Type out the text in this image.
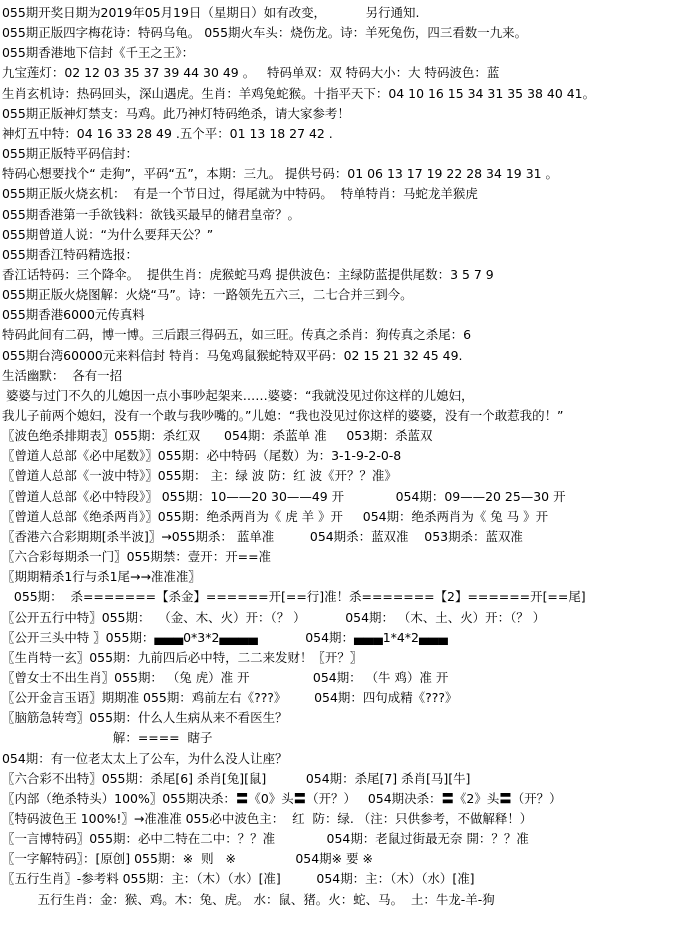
055期开奖日期为2019年05月19日（星期日）如有改变，          另行通知.
055期正版四字梅花诗：特码乌龟。 055期火车头：烧伤龙。诗：羊死兔伤，四三看数一九来。
055期香港地下信封《千王之王》：
九宝莲灯：02 12 03 35 37 39 44 30 49 。   特码单双：双 特码大小：大 特码波色：蓝
生肖玄机诗：热码回头，深山遇虎。生肖：羊鸡兔蛇猴。十指平天下：04 10 16 15 34 31 35 38 40 41。
055期正版神灯禁支：马鸡。此乃神灯特码绝杀，请大家参考！
神灯五中特：04 16 33 28 49 .五个平：01 13 18 27 42 .
055期正版特平码信封：
特码心想要找个“ 走狗”，平码“五”，本期：三九。 提供号码：01 06 13 17 19 22 28 34 19 31 。
055期正版火烧玄机：  有是一个节日过，得尾就为中特码。  特单特肖：马蛇龙羊猴虎
055期香港第一手欲钱料：欲钱买最早的储君皇帝？。
055期曾道人说：“为什么要拜天公？”
055期香江特码精选报：
香江话特码：三个降伞。  提供生肖：虎猴蛇马鸡 提供波色：主绿防蓝提供尾数：3 5 7 9
055期正版火烧图解：火烧“马”。诗：一路领先五六三，二七合并三到今。
055期香港6000元传真料
特码此间有二码，博一博。三后跟三得码五，如三旺。传真之杀肖：狗传真之杀尾：6
055期台湾60000元来料信封 特肖：马兔鸡鼠猴蛇特双平码：02 15 21 32 45 49.
生活幽默：  各有一招
婆婆与过门不久的儿媳因一点小事吵起架来……婆婆：“我就没见过你这样的儿媳妇，
我儿子前两个媳妇，没有一个敢与我吵嘴的。”儿媳：“我也没见过你这样的婆婆，没有一个敢惹我的！”
〖波色绝杀排期表〗055期：杀红双      054期：杀蓝单 准     053期：杀蓝双
〖曾道人总部《必中尾数》〗055期：必中特码（尾数）为：3-1-9-2-0-8
〖曾道人总部《一波中特》〗055期： 主：绿 波 防：红 波《开？？准》
〖曾道人总部《必中特段》〗 055期：10——20 30——49 开             054期：09——20 25—30 开
〖曾道人总部《绝杀两肖》〗055期：绝杀两肖为《 虎 羊 》开     054期：绝杀两肖为《 兔 马 》开
〖香港六合彩期期[杀半波]〗→055期杀： 蓝单准         054期杀：蓝双准    053期杀：蓝双准
〖六合彩每期杀一门〗055期禁：壹开：开==准
〖期期精杀1行与杀1尾→→准准准〗
055期：  杀=======【杀金】======开[==行]准！杀=======【2】======开[==尾]
〖公开五行中特〗055期：  （金、木、火）开：（？ ）          054期： （木、土、火）开：（？ ）
〖公开三头中特 〗055期：▄▄▄0*3*2▄▄▄▄            054期：▄▄▄1*4*2▄▄▄
〖生肖特一玄〗055期：九前四后必中特，二二来发财！〖开？〗
〖曾女士不出生肖〗055期： （兔 虎）准 开                054期： （牛 鸡）准 开
〖公开金言玉语〗期期准 055期：鸡前左右《???》       054期：四句成精《???》
〖脑筋急转弯〗055期：什么人生病从来不看医生？
解：====  瞎子
054期：有一位老太太上了公车，为什么没人让座？
〖六合彩不出特〗055期：杀尾[6] 杀肖[兔][鼠]          054期：杀尾[7] 杀肖[马][牛]
〖内部（绝杀特头）100%〗055期决杀：〓《0》头〓（开？）   054期决杀：〓《2》头〓（开？）
〖特码波色王 100%!〗→准准准 055必中波色主：  红  防：绿. （注：只供参考，不做解释！）
〖一言博特码〗055期：必中二特在二中：？？准             054期：老鼠过街最无奈 開：？？准
〖一字解特码〗：[原创] 055期：※  则   ※               054期※ 要 ※
〖五行生肖〗-参考料 055期：主：（木）（水）[准]         054期：主：（木）（水）[准]
五行生肖：金：猴、鸡。木：兔、虎。 水：鼠、猪。火：蛇、马。  土：牛龙-羊-狗
